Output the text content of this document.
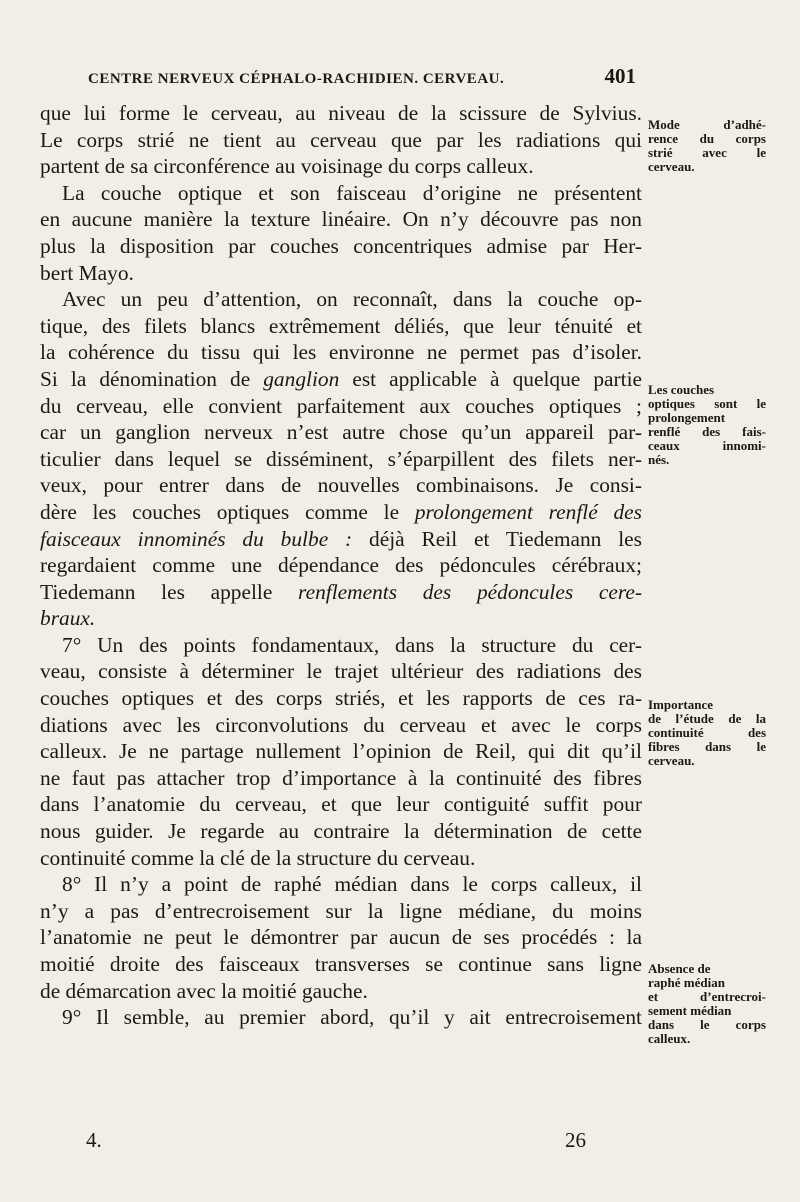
CENTRE NERVEUX CÉPHALO-RACHIDIEN. CERVEAU.	401
que lui forme le cerveau, au niveau de la scissure de Sylvius.
Le corps strié ne tient au cerveau que par les radiations qui
partent de sa circonférence au voisinage du corps calleux.
La couche optique et son faisceau d’origine ne présentent
en aucune manière la texture linéaire. On n’y découvre pas non
plus la disposition par couches concentriques admise par Her-
bert Mayo.
Avec un peu d’attention, on reconnaît, dans la couche op-
tique, des filets blancs extrêmement déliés, que leur ténuité et
la cohérence du tissu qui les environne ne permet pas d’isoler.
Si la dénomination de ganglion est applicable à quelque partie
du cerveau, elle convient parfaitement aux couches optiques ;
car un ganglion nerveux n’est autre chose qu’un appareil par-
ticulier dans lequel se disséminent, s’éparpillent des filets ner-
veux, pour entrer dans de nouvelles combinaisons. Je consi-
dère les couches optiques comme le prolongement renflé des
faisceaux innominés du bulbe : déjà Reil et Tiedemann les
regardaient comme une dépendance des pédoncules cérébraux;
Tiedemann les appelle renflements des pédoncules cere-
braux.
7° Un des points fondamentaux, dans la structure du cer-
veau, consiste à déterminer le trajet ultérieur des radiations des
couches optiques et des corps striés, et les rapports de ces ra-
diations avec les circonvolutions du cerveau et avec le corps
calleux. Je ne partage nullement l’opinion de Reil, qui dit qu’il
ne faut pas attacher trop d’importance à la continuité des fibres
dans l’anatomie du cerveau, et que leur contiguité suffit pour
nous guider. Je regarde au contraire la détermination de cette
continuité comme la clé de la structure du cerveau.
8° Il n’y a point de raphé médian dans le corps calleux, il
n’y a pas d’entrecroisement sur la ligne médiane, du moins
l’anatomie ne peut le démontrer par aucun de ses procédés : la
moitié droite des faisceaux transverses se continue sans ligne
de démarcation avec la moitié gauche.
9° Il semble, au premier abord, qu’il y ait entrecroisement
Mode d’adhé-
rence du corps
strié avec le
cerveau.
Les couches
optiques sont le
prolongement
renflé des fais-
ceaux innomi-
nés.
Importance
de l’étude de la
continuité des
fibres dans le
cerveau.
Absence de
raphé médian
et d’entrecroi-
sement médian
dans le corps
calleux.
4.	26
